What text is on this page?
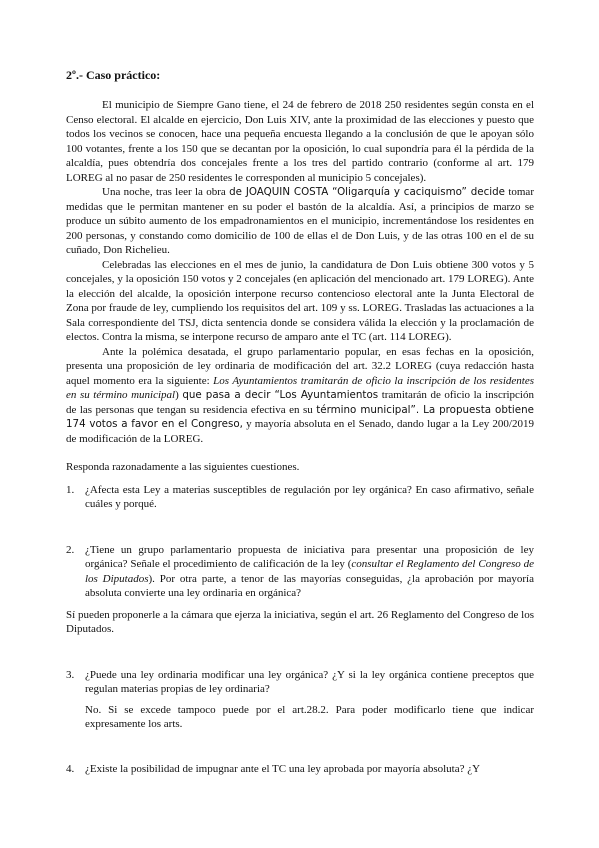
2º.- Caso práctico:

El municipio de Siempre Gano tiene, el 24 de febrero de 2018 250 residentes según consta en el Censo electoral. El alcalde en ejercicio, Don Luis XIV, ante la proximidad de las elecciones y puesto que todos los vecinos se conocen, hace una pequeña encuesta llegando a la conclusión de que le apoyan sólo 100 votantes, frente a los 150 que se decantan por la oposición, lo cual supondría para él la pérdida de la alcaldía, pues obtendría dos concejales frente a los tres del partido contrario (conforme al art. 179 LOREG al no pasar de 250 residentes le corresponden al municipio 5 concejales).

Una noche, tras leer la obra de JOAQUIN COSTA “Oligarquía y caciquismo” decide tomar medidas que le permitan mantener en su poder el bastón de la alcaldía. Así, a principios de marzo se produce un súbito aumento de los empadronamientos en el municipio, incrementándose los residentes en 200 personas, y constando como domicilio de 100 de ellas el de Don Luis, y de las otras 100 en el de su cuñado, Don Richelieu.

Celebradas las elecciones en el mes de junio, la candidatura de Don Luis obtiene 300 votos y 5 concejales, y la oposición 150 votos y 2 concejales (en aplicación del mencionado art. 179 LOREG). Ante la elección del alcalde, la oposición interpone recurso contencioso electoral ante la Junta Electoral de Zona por fraude de ley, cumpliendo los requisitos del art. 109 y ss. LOREG. Trasladas las actuaciones a la Sala correspondiente del TSJ, dicta sentencia donde se considera válida la elección y la proclamación de electos. Contra la misma, se interpone recurso de amparo ante el TC (art. 114 LOREG).

Ante la polémica desatada, el grupo parlamentario popular, en esas fechas en la oposición, presenta una proposición de ley ordinaria de modificación del art. 32.2 LOREG (cuya redacción hasta aquel momento era la siguiente: Los Ayuntamientos tramitarán de oficio la inscripción de los residentes en su término municipal) que pasa a decir “Los Ayuntamientos tramitarán de oficio la inscripción de las personas que tengan su residencia efectiva en su término municipal”. La propuesta obtiene 174 votos a favor en el Congreso, y mayoría absoluta en el Senado, dando lugar a la Ley 200/2019 de modificación de la LOREG.

Responda razonadamente a las siguientes cuestiones.
1. ¿Afecta esta Ley a materias susceptibles de regulación por ley orgánica? En caso afirmativo, señale cuáles y porqué.
2. ¿Tiene un grupo parlamentario propuesta de iniciativa para presentar una proposición de ley orgánica? Señale el procedimiento de calificación de la ley (consultar el Reglamento del Congreso de los Diputados). Por otra parte, a tenor de las mayorías conseguidas, ¿la aprobación por mayoría absoluta convierte una ley ordinaria en orgánica?

Sí pueden proponerle a la cámara que ejerza la iniciativa, según el art. 26 Reglamento del Congreso de los Diputados.

3. ¿Puede una ley ordinaria modificar una ley orgánica? ¿Y si la ley orgánica contiene preceptos que regulan materias propias de ley ordinaria?

No. Si se excede tampoco puede por el art.28.2. Para poder modificarlo tiene que indicar expresamente los arts.

4. ¿Existe la posibilidad de impugnar ante el TC una ley aprobada por mayoría absoluta? ¿Y
